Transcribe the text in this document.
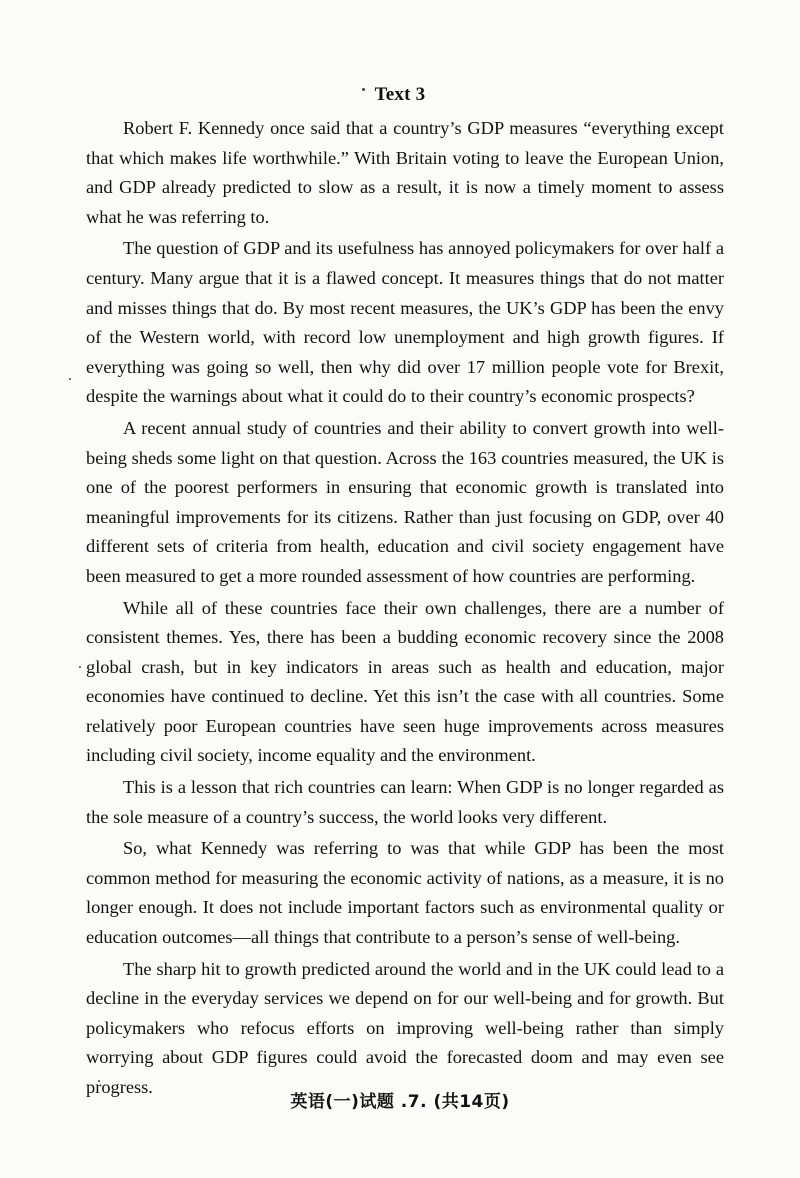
Text 3

Robert F. Kennedy once said that a country’s GDP measures “everything except that which makes life worthwhile.” With Britain voting to leave the European Union, and GDP already predicted to slow as a result, it is now a timely moment to assess what he was referring to.

The question of GDP and its usefulness has annoyed policymakers for over half a century. Many argue that it is a flawed concept. It measures things that do not matter and misses things that do. By most recent measures, the UK’s GDP has been the envy of the Western world, with record low unemployment and high growth figures. If everything was going so well, then why did over 17 million people vote for Brexit, despite the warnings about what it could do to their country’s economic prospects?

A recent annual study of countries and their ability to convert growth into well-being sheds some light on that question. Across the 163 countries measured, the UK is one of the poorest performers in ensuring that economic growth is translated into meaningful improvements for its citizens. Rather than just focusing on GDP, over 40 different sets of criteria from health, education and civil society engagement have been measured to get a more rounded assessment of how countries are performing.

While all of these countries face their own challenges, there are a number of consistent themes. Yes, there has been a budding economic recovery since the 2008 global crash, but in key indicators in areas such as health and education, major economies have continued to decline. Yet this isn’t the case with all countries. Some relatively poor European countries have seen huge improvements across measures including civil society, income equality and the environment.

This is a lesson that rich countries can learn: When GDP is no longer regarded as the sole measure of a country’s success, the world looks very different.

So, what Kennedy was referring to was that while GDP has been the most common method for measuring the economic activity of nations, as a measure, it is no longer enough. It does not include important factors such as environmental quality or education outcomes—all things that contribute to a person’s sense of well-being.

The sharp hit to growth predicted around the world and in the UK could lead to a decline in the everyday services we depend on for our well-being and for growth. But policymakers who refocus efforts on improving well-being rather than simply worrying about GDP figures could avoid the forecasted doom and may even see progress.

英语(一)试题 .7. (共14页)
